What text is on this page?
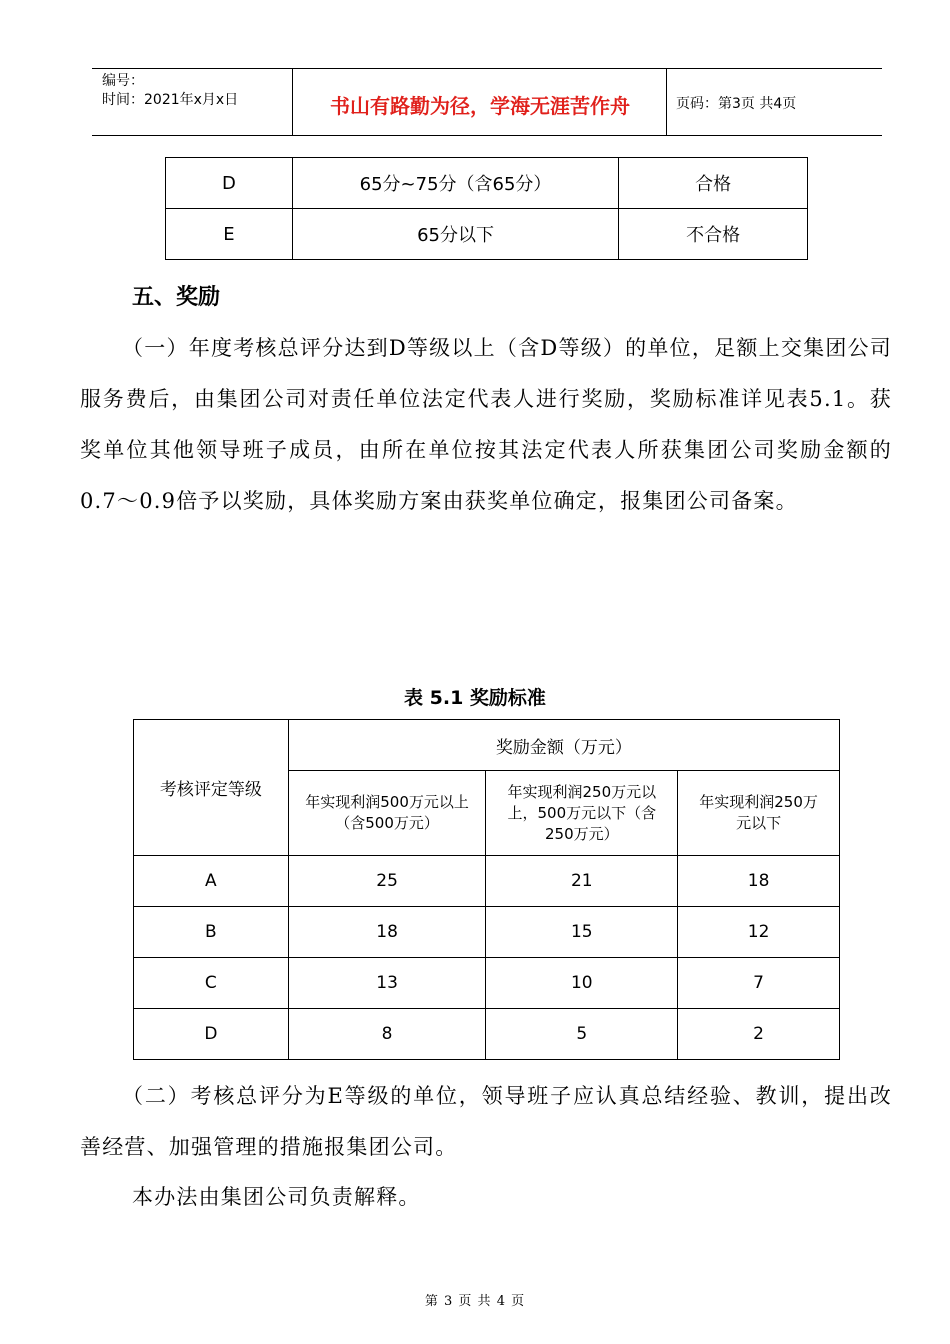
编号：
时间：2021年x月x日	书山有路勤为径，学海无涯苦作舟	页码：第3页 共4页
D	65分~75分（含65分）	合格
E	65分以下	不合格
五、奖励
（一）年度考核总评分达到D等级以上（含D等级）的单位，足额上交集团公司服务费后，由集团公司对责任单位法定代表人进行奖励，奖励标准详见表5.1。获奖单位其他领导班子成员，由所在单位按其法定代表人所获集团公司奖励金额的0.7～0.9倍予以奖励，具体奖励方案由获奖单位确定，报集团公司备案。
表 5.1 奖励标准
考核评定等级	奖励金额（万元）		
	年实现利润500万元以上（含500万元）	年实现利润250万元以上，500万元以下（含250万元）	年实现利润250万元以下
A	25	21	18
B	18	15	12
C	13	10	7
D	8	5	2
（二）考核总评分为E等级的单位，领导班子应认真总结经验、教训，提出改善经营、加强管理的措施报集团公司。
本办法由集团公司负责解释。
第 3 页 共 4 页
